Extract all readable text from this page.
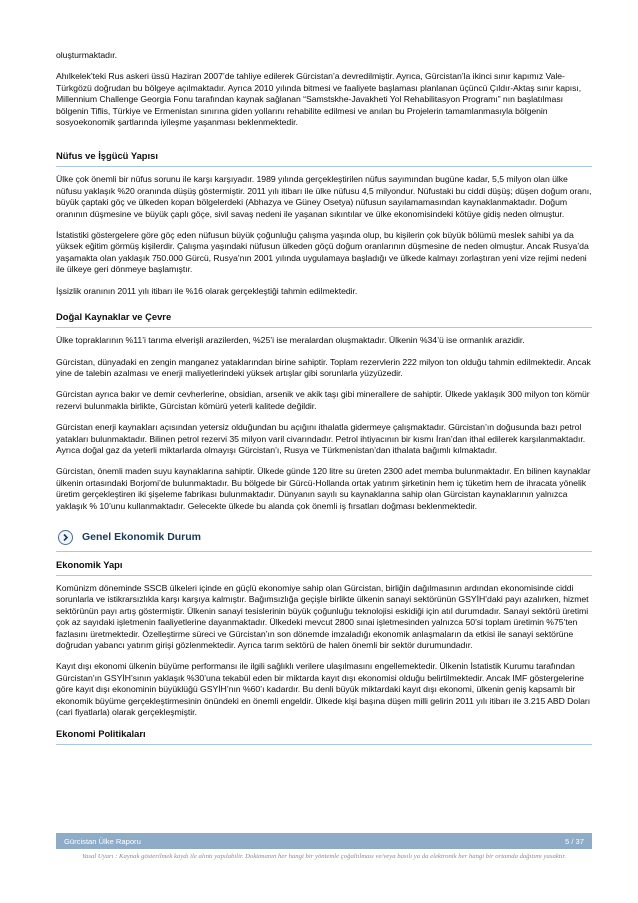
oluşturmaktadır.

Ahılkelek’teki Rus askeri üssü Haziran 2007’de tahliye edilerek Gürcistan’a devredilmiştir. Ayrıca, Gürcistan’la ikinci sınır kapımız Vale-Türkgözü doğrudan bu bölgeye açılmaktadır. Ayrıca 2010 yılında bitmesi ve faaliyete başlaması planlanan üçüncü Çıldır-Aktaş sınır kapısı, Millennium Challenge Georgia Fonu tarafından kaynak sağlanan “Samstskhe-Javakheti Yol Rehabilitasyon Programı” nın başlatılması bölgenin Tiflis, Türkiye ve Ermenistan sınırına giden yollarını rehabilite edilmesi ve anılan bu Projelerin tamamlanmasıyla bölgenin sosyoekonomik şartlarında iyileşme yaşanması beklenmektedir.

Nüfus ve İşgücü Yapısı

Ülke çok önemli bir nüfus sorunu ile karşı karşıyadır. 1989 yılında gerçekleştirilen nüfus sayımından bugüne kadar, 5,5 milyon olan ülke nüfusu yaklaşık %20 oranında düşüş göstermiştir. 2011 yılı itibarı ile ülke nüfusu 4,5 milyondur. Nüfustaki bu ciddi düşüş; düşen doğum oranı, büyük çaptaki göç ve ülkeden kopan bölgelerdeki (Abhazya ve Güney Osetya) nüfusun sayılamamasından kaynaklanmaktadır. Doğum oranının düşmesine ve büyük çaplı göçe, sivil savaş nedeni ile yaşanan sıkıntılar ve ülke ekonomisindeki kötüye gidiş neden olmuştur.

İstatistiki göstergelere göre göç eden nüfusun büyük çoğunluğu çalışma yaşında olup, bu kişilerin çok büyük bölümü meslek sahibi ya da yüksek eğitim görmüş kişilerdir. Çalışma yaşındaki nüfusun ülkeden göçü doğum oranlarının düşmesine de neden olmuştur. Ancak Rusya’da yaşamakta olan yaklaşık 750.000 Gürcü, Rusya’nın 2001 yılında uygulamaya başladığı ve ülkede kalmayı zorlaştıran yeni vize rejimi nedeni ile ülkeye geri dönmeye başlamıştır.

İşsizlik oranının 2011 yılı itibarı ile %16 olarak gerçekleştiği tahmin edilmektedir.

Doğal Kaynaklar ve Çevre

Ülke topraklarının %11’i tarıma elverişli arazilerden, %25’i ise meralardan oluşmaktadır. Ülkenin %34’ü ise ormanlık arazidir.

Gürcistan, dünyadaki en zengin manganez yataklarından birine sahiptir. Toplam rezervlerin 222 milyon ton olduğu tahmin edilmektedir. Ancak yine de talebin azalması ve enerji maliyetlerindeki yüksek artışlar gibi sorunlarla yüzyüzedir.

Gürcistan ayrıca bakır ve demir cevherlerine, obsidian, arsenik ve akik taşı gibi minerallere de sahiptir. Ülkede yaklaşık 300 milyon ton kömür rezervi bulunmakla birlikte, Gürcistan kömürü yeterli kalitede değildir.

Gürcistan enerji kaynakları açısından yetersiz olduğundan bu açığını ithalatla gidermeye çalışmaktadır. Gürcistan’ın doğusunda bazı petrol yatakları bulunmaktadır. Bilinen petrol rezervi 35 milyon varil civarındadır. Petrol ihtiyacının bir kısmı İran’dan ithal edilerek karşılanmaktadır. Ayrıca doğal gaz da yeterli miktarlarda olmayışı Gürcistan’ı, Rusya ve Türkmenistan’dan ithalata bağımlı kılmaktadır.

Gürcistan, önemli maden suyu kaynaklarına sahiptir. Ülkede günde 120 litre su üreten 2300 adet memba bulunmaktadır. En bilinen kaynaklar ülkenin ortasındaki Borjomi’de bulunmaktadır. Bu bölgede bir Gürcü-Hollanda ortak yatırım şirketinin hem iç tüketim hem de ihracata yönelik üretim gerçekleştiren iki şişeleme fabrikası bulunmaktadır. Dünyanın sayılı su kaynaklarına sahip olan Gürcistan kaynaklarının yalnızca yaklaşık % 10’unu kullanmaktadır. Gelecekte ülkede bu alanda çok önemli iş fırsatları doğması beklenmektedir.

Genel Ekonomik Durum
Ekonomik Yapı

Komünizm döneminde SSCB ülkeleri içinde en güçlü ekonomiye sahip olan Gürcistan, birliğin dağılmasının ardından ekonomisinde ciddi sorunlarla ve istikrarsızlıkla karşı karşıya kalmıştır. Bağımsızlığa geçişle birlikte ülkenin sanayi sektörünün GSYİH’daki payı azalırken, hizmet sektörünün payı artış göstermiştir. Ülkenin sanayi tesislerinin büyük çoğunluğu teknolojisi eskidiği için atıl durumdadır. Sanayi sektörü üretimi çok az sayıdaki işletmenin faaliyetlerine dayanmaktadır. Ülkedeki mevcut 2800 sınai işletmesinden yalnızca 50’si toplam üretimin %75’ten fazlasını üretmektedir. Özelleştirme süreci ve Gürcistan’ın son dönemde imzaladığı ekonomik anlaşmaların da etkisi ile sanayi sektörüne doğrudan yabancı yatırım girişi gözlenmektedir. Ayrıca tarım sektörü de halen önemli bir sektör durumundadır.

Kayıt dışı ekonomi ülkenin büyüme performansı ile ilgili sağlıklı verilere ulaşılmasını engellemektedir. Ülkenin İstatistik Kurumu tarafından Gürcistan’ın GSYİH’sının yaklaşık %30’una tekabül eden bir miktarda kayıt dışı ekonomisi olduğu belirtilmektedir. Ancak IMF göstergelerine göre kayıt dışı ekonominin büyüklüğü GSYİH’nın %60’ı kadardır. Bu denli büyük miktardaki kayıt dışı ekonomi, ülkenin geniş kapsamlı bir ekonomik büyüme gerçekleştirmesinin önündeki en önemli engeldir. Ülkede kişi başına düşen milli gelirin 2011 yılı itibarı ile 3.215 ABD Doları (cari fiyatlarla) olarak gerçekleşmiştir.

Ekonomi Politikaları
Gürcistan Ülke Raporu	5 / 37
Yasal Uyarı : Kaynak gösterilmek kaydı ile alıntı yapılabilir. Dokümanın her hangi bir yöntemle çoğaltılması ve/veya basılı ya da elektronik her hangi bir ortamda dağıtımı yasaktır.
